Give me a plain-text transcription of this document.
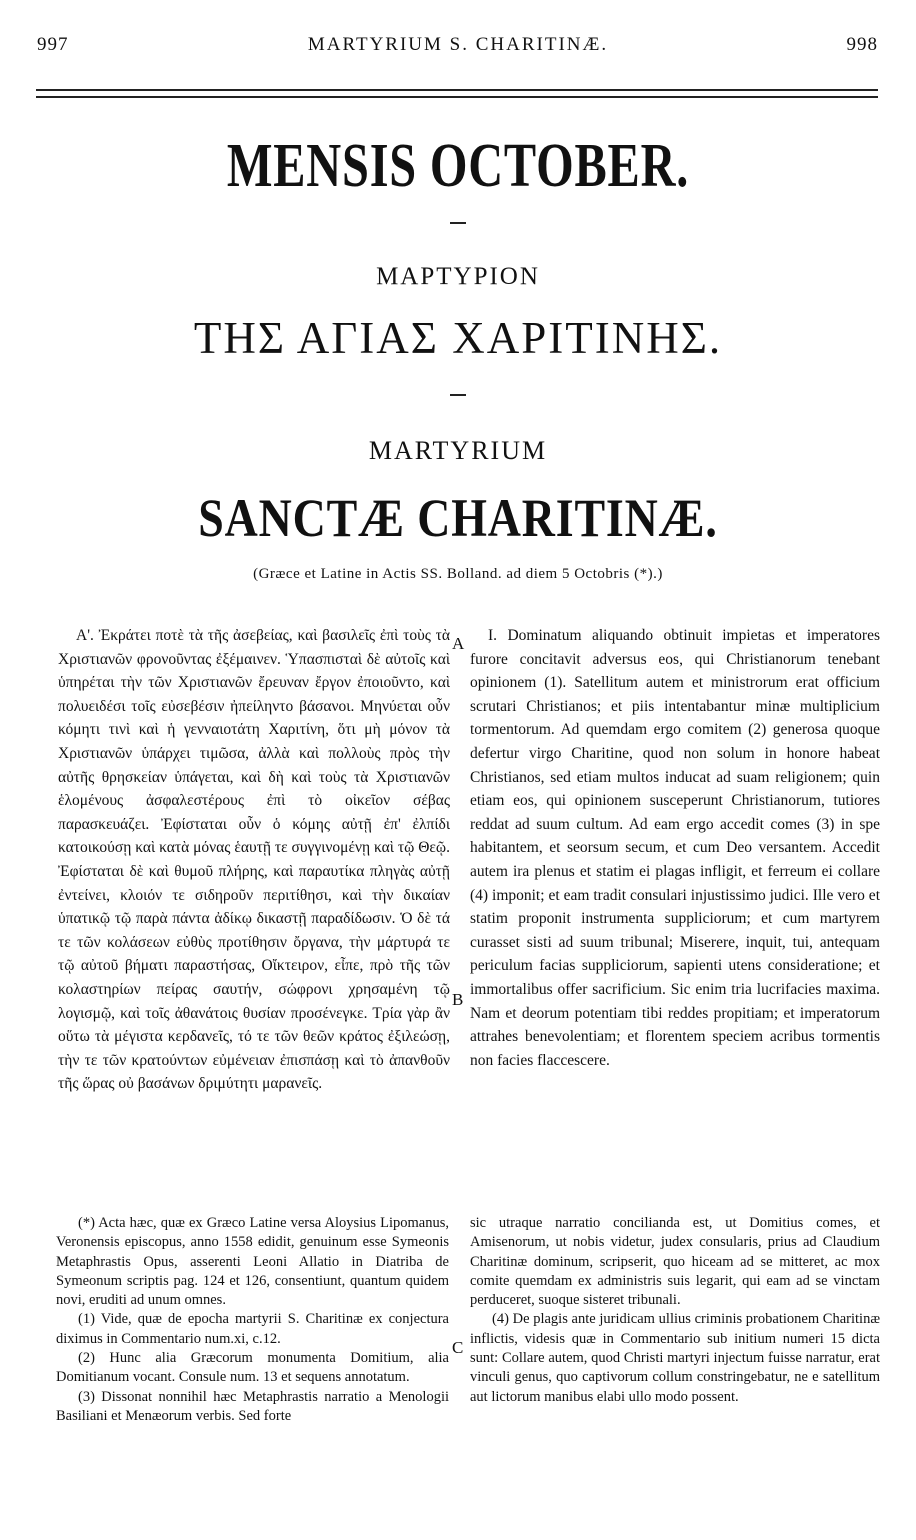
997	MARTYRIUM S. CHARITINÆ.	998
MENSIS OCTOBER.
ΜΑΡΤΥΡΙΟΝ
ΤΗΣ ΑΓΙΑΣ ΧΑΡΙΤΙΝΗΣ.
MARTYRIUM
SANCTÆ CHARITINÆ.
(Græce et Latine in Actis SS. Bolland. ad diem 5 Octobris (*).)

Α'. Ἐκράτει ποτὲ τὰ τῆς ἀσεβείας, καὶ βασιλεῖς ἐπὶ τοὺς τὰ Χριστιανῶν φρονοῦντας ἐξέμαινεν. Ὑπασπισταὶ δὲ αὐτοῖς καὶ ὑπηρέται τὴν τῶν Χριστιανῶν ἔρευναν ἔργον ἐποιοῦντο, καὶ πολυειδέσι τοῖς εὐσεβέσιν ἠπείληντο βάσανοι. Μηνύεται οὖν κόμητι τινὶ καὶ ἡ γενναιοτάτη Χαριτίνη, ὅτι μὴ μόνον τὰ Χριστιανῶν ὑπάρχει τιμῶσα, ἀλλὰ καὶ πολλοὺς πρὸς τὴν αὐτῆς θρησκείαν ὑπάγεται, καὶ δὴ καὶ τοὺς τὰ Χριστιανῶν ἑλομένους ἀσφαλεστέρους ἐπὶ τὸ οἰκεῖον σέβας παρασκευάζει. Ἐφίσταται οὖν ὁ κόμης αὐτῇ ἐπ' ἐλπίδι κατοικούσῃ καὶ κατὰ μόνας ἑαυτῇ τε συγγινομένῃ καὶ τῷ Θεῷ. Ἐφίσταται δὲ καὶ θυμοῦ πλήρης, καὶ παραυτίκα πληγὰς αὐτῇ ἐντείνει, κλοιόν τε σιδηροῦν περιτίθησι, καὶ τὴν δικαίαν ὑπατικῷ τῷ παρὰ πάντα ἀδίκῳ δικαστῇ παραδίδωσιν. Ὁ δὲ τά τε τῶν κολάσεων εὐθὺς προτίθησιν ὄργανα, τὴν μάρτυρά τε τῷ αὐτοῦ βήματι παραστήσας, Οἴκτειρον, εἶπε, πρὸ τῆς τῶν κολαστηρίων πείρας σαυτήν, σώφρονι χρησαμένη τῷ λογισμῷ, καὶ τοῖς ἀθανάτοις θυσίαν προσένεγκε. Τρία γὰρ ἂν οὕτω τὰ μέγιστα κερδανεῖς, τό τε τῶν θεῶν κράτος ἐξιλεώσῃ, τὴν τε τῶν κρατούντων εὐμένειαν ἐπισπάσῃ καὶ τὸ ἀπανθοῦν τῆς ὥρας οὐ βασάνων δριμύτητι μαρανεῖς.

I. Dominatum aliquando obtinuit impietas et imperatores furore concitavit adversus eos, qui Christianorum tenebant opinionem (1). Satellitum autem et ministrorum erat officium scrutari Christianos; et piis intentabantur minæ multiplicium tormentorum. Ad quemdam ergo comitem (2) generosa quoque defertur virgo Charitine, quod non solum in honore habeat Christianos, sed etiam multos inducat ad suam religionem; quin etiam eos, qui opinionem susceperunt Christianorum, tutiores reddat ad suum cultum. Ad eam ergo accedit comes (3) in spe habitantem, et seorsum secum, et cum Deo versantem. Accedit autem ira plenus et statim ei plagas infligit, et ferreum ei collare (4) imponit; et eam tradit consulari injustissimo judici. Ille vero et statim proponit instrumenta suppliciorum; et cum martyrem curasset sisti ad suum tribunal; Miserere, inquit, tui, antequam periculum facias suppliciorum, sapienti utens consideratione; et immortalibus offer sacrificium. Sic enim tria lucrifacies maxima. Nam et deorum potentiam tibi reddes propitiam; et imperatorum attrahes benevolentiam; et florentem speciem acribus tormentis non facies flaccescere.

A
B
C

(*) Acta hæc, quæ ex Græco Latine versa Aloysius Lipomanus, Veronensis episcopus, anno 1558 edidit, genuinum esse Symeonis Metaphrastis Opus, asserenti Leoni Allatio in Diatriba de Symeonum scriptis pag. 124 et 126, consentiunt, quantum quidem novi, eruditi ad unum omnes.

(1) Vide, quæ de epocha martyrii S. Charitinæ ex conjectura diximus in Commentario num.xi, c.12.

(2) Hunc alia Græcorum monumenta Domitium, alia Domitianum vocant. Consule num. 13 et sequens annotatum.

(3) Dissonat nonnihil hæc Metaphrastis narratio a Menologii Basiliani et Menæorum verbis. Sed forte

sic utraque narratio conciliandа est, ut Domitius comes, et Amisenorum, ut nobis videtur, judex consularis, prius ad Claudium Charitinæ dominum, scripserit, quo hiceam ad se mitteret, ac mox comite quemdam ex administris suis legarit, qui eam ad se vinctam perduceret, suoque sisteret tribunali.

(4) De plagis ante juridicam ullius criminis probationem Charitinæ inflictis, videsis quæ in Commentario sub initium numeri 15 dicta sunt: Collare autem, quod Christi martyri injectum fuisse narratur, erat vinculi genus, quo captivorum collum constringebatur, ne e satellitum aut lictorum manibus elabi ullo modo possent.
